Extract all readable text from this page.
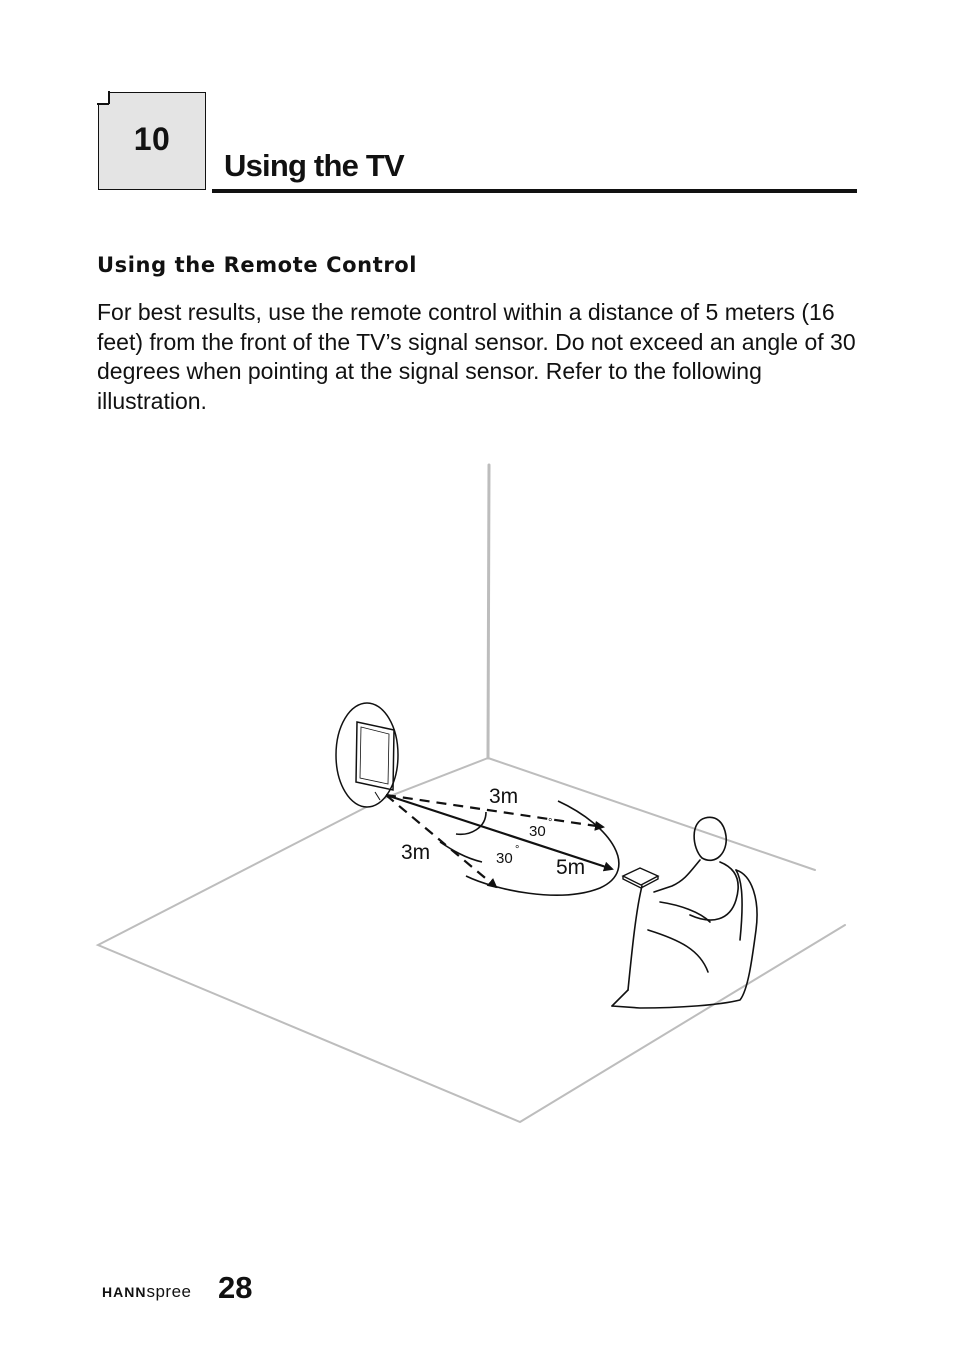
10
Using the TV
Using the Remote Control
For best results, use the remote control within a distance of 5 meters (16 feet) from the front of the TV’s signal sensor. Do not exceed an angle of 30 degrees when pointing at the signal sensor. Refer to the following illustration.
3m
3m
5m
30 °
30 °
HANNspree 28
